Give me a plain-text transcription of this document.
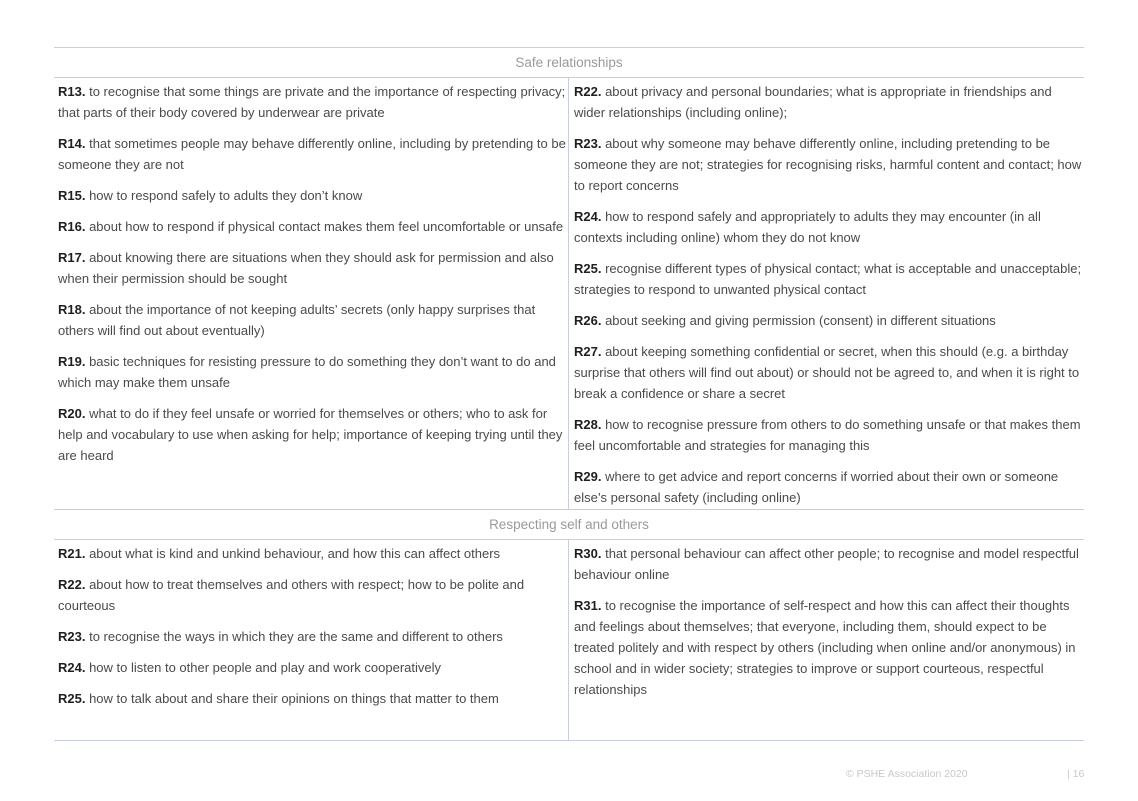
Safe relationships

R13. to recognise that some things are private and the importance of respecting privacy; that parts of their body covered by underwear are private

R14. that sometimes people may behave differently online, including by pretending to be someone they are not

R15. how to respond safely to adults they don’t know

R16. about how to respond if physical contact makes them feel uncomfortable or unsafe

R17. about knowing there are situations when they should ask for permission and also when their permission should be sought

R18. about the importance of not keeping adults’ secrets (only happy surprises that others will find out about eventually)

R19. basic techniques for resisting pressure to do something they don’t want to do and which may make them unsafe

R20. what to do if they feel unsafe or worried for themselves or others; who to ask for help and vocabulary to use when asking for help; importance of keeping trying until they are heard

R22. about privacy and personal boundaries; what is appropriate in friendships and wider relationships (including online);

R23. about why someone may behave differently online, including pretending to be someone they are not; strategies for recognising risks, harmful content and contact; how to report concerns

R24. how to respond safely and appropriately to adults they may encounter (in all contexts including online) whom they do not know

R25. recognise different types of physical contact; what is acceptable and unacceptable; strategies to respond to unwanted physical contact

R26. about seeking and giving permission (consent) in different situations

R27. about keeping something confidential or secret, when this should (e.g. a birthday surprise that others will find out about) or should not be agreed to, and when it is right to break a confidence or share a secret

R28. how to recognise pressure from others to do something unsafe or that makes them feel uncomfortable and strategies for managing this

R29. where to get advice and report concerns if worried about their own or someone else’s personal safety (including online)

Respecting self and others

R21. about what is kind and unkind behaviour, and how this can affect others

R22. about how to treat themselves and others with respect; how to be polite and courteous

R23. to recognise the ways in which they are the same and different to others

R24. how to listen to other people and play and work cooperatively

R25. how to talk about and share their opinions on things that matter to them

R30. that personal behaviour can affect other people; to recognise and model respectful behaviour online

R31. to recognise the importance of self-respect and how this can affect their thoughts and feelings about themselves; that everyone, including them, should expect to be treated politely and with respect by others (including when online and/or anonymous) in school and in wider society; strategies to improve or support courteous, respectful relationships

© PSHE Association 2020	| 16
